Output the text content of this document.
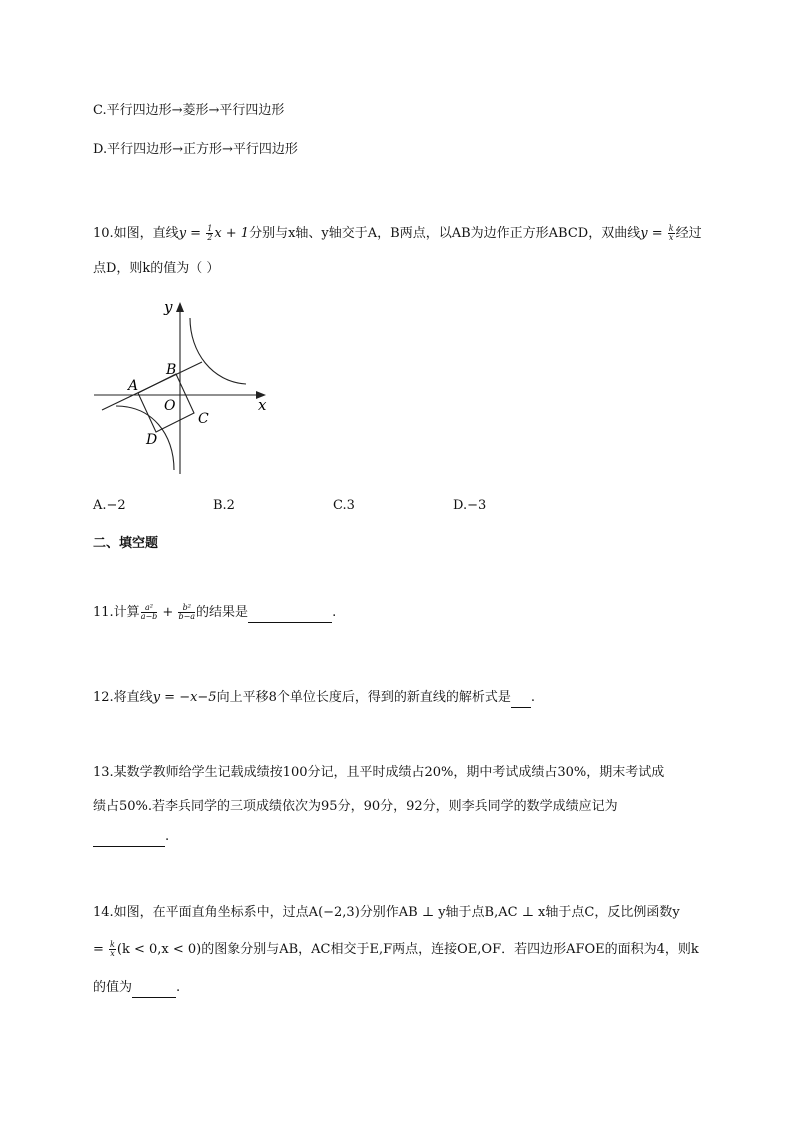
C.平行四边形→菱形→平行四边形
D.平行四边形→正方形→平行四边形
10.如图，直线$y = \frac{1}{2}$ x + 1分别与x轴、y轴交于A，B两点，以AB为边作正方形ABCD，双曲线$y = \frac{k}{x}$ 经过
点D，则k的值为（ ）
y
x
A
B
O
C
D
A.−2	B.2	C.3	D.−3
二、填空题
11.计算 $\frac{\text{a²}}{a-b} + \frac{\text{b²}}{b-a}$ 的结果是	.
12.将直线y = −x−5向上平移8个单位长度后，得到的新直线的解析式是 .
13.某数学教师给学生记载成绩按100分记，且平时成绩占20%，期中考试成绩占30%，期末考试成
绩占50%.若李兵同学的三项成绩依次为95分，90分，92分，则李兵同学的数学成绩应记为
.
14.如图，在平面直角坐标系中，过点A(−2,3)分别作AB ⊥ y轴于点B,AC ⊥ x轴于点C，反比例函数y
= $\frac{k}{x} (k < 0,x < 0)$的图象分别与AB，AC相交于E,F两点，连接OE,OF．若四边形AFOE的面积为4，则k
的值为	.
